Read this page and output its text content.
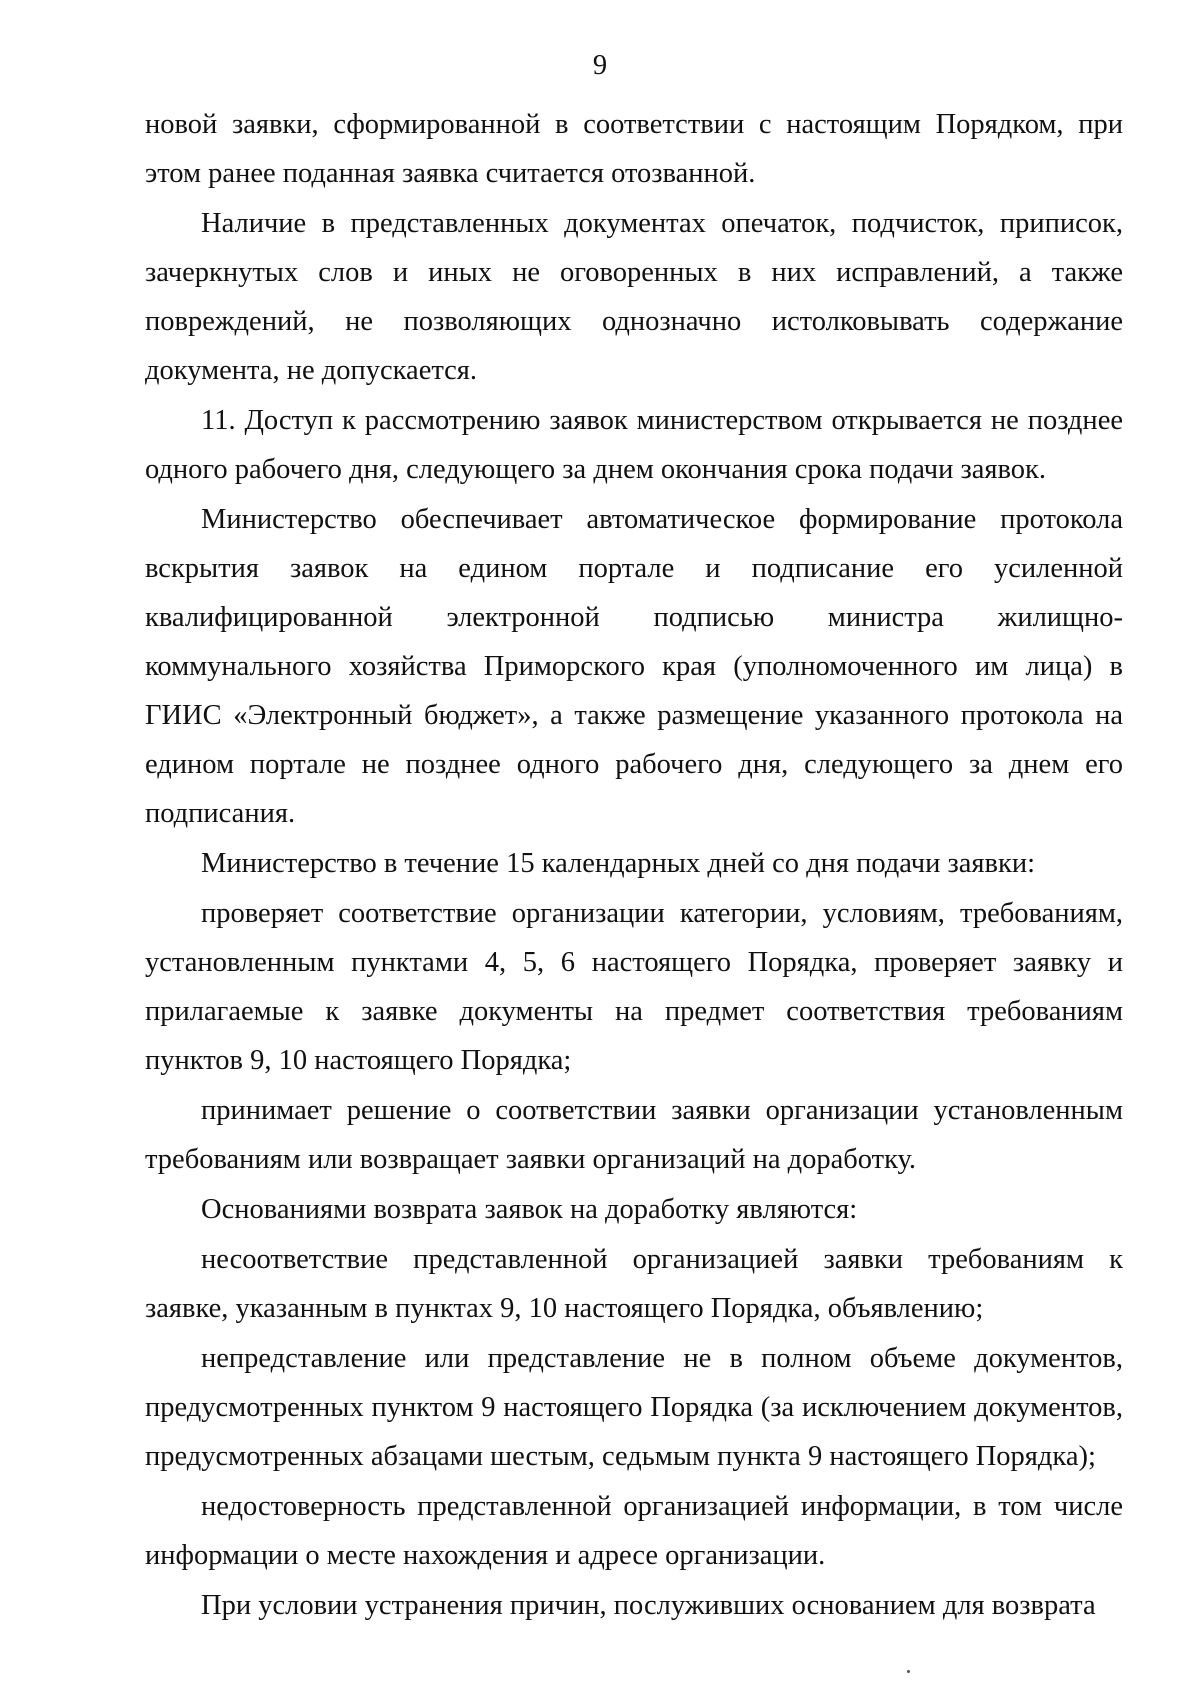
9

новой заявки, сформированной в соответствии с настоящим Порядком, при этом ранее поданная заявка считается отозванной.

Наличие в представленных документах опечаток, подчисток, приписок, зачеркнутых слов и иных не оговоренных в них исправлений, а также повреждений, не позволяющих однозначно истолковывать содержание документа, не допускается.

11. Доступ к рассмотрению заявок министерством открывается не позднее одного рабочего дня, следующего за днем окончания срока подачи заявок.

Министерство обеспечивает автоматическое формирование протокола вскрытия заявок на едином портале и подписание его усиленной квалифицированной электронной подписью министра жилищно-коммунального хозяйства Приморского края (уполномоченного им лица) в ГИИС «Электронный бюджет», а также размещение указанного протокола на едином портале не позднее одного рабочего дня, следующего за днем его подписания.

Министерство в течение 15 календарных дней со дня подачи заявки:

проверяет соответствие организации категории, условиям, требованиям, установленным пунктами 4, 5, 6 настоящего Порядка, проверяет заявку и прилагаемые к заявке документы на предмет соответствия требованиям пунктов 9, 10 настоящего Порядка;

принимает решение о соответствии заявки организации установленным требованиям или возвращает заявки организаций на доработку.

Основаниями возврата заявок на доработку являются:

несоответствие представленной организацией заявки требованиям к заявке, указанным в пунктах 9, 10 настоящего Порядка, объявлению;

непредставление или представление не в полном объеме документов, предусмотренных пунктом 9 настоящего Порядка (за исключением документов, предусмотренных абзацами шестым, седьмым пункта 9 настоящего Порядка);

недостоверность представленной организацией информации, в том числе информации о месте нахождения и адресе организации.

При условии устранения причин, послуживших основанием для возврата
